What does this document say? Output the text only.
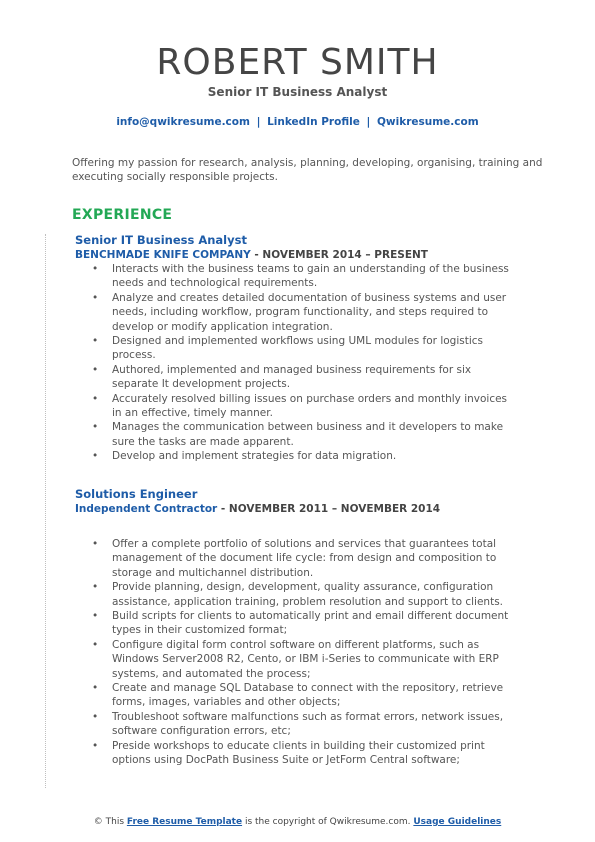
ROBERT SMITH
Senior IT Business Analyst
info@qwikresume.com | LinkedIn Profile | Qwikresume.com
Offering my passion for research, analysis, planning, developing, organising, training and executing socially responsible projects.
EXPERIENCE
Senior IT Business Analyst
BENCHMADE KNIFE COMPANY - NOVEMBER 2014 – PRESENT
• Interacts with the business teams to gain an understanding of the business needs and technological requirements.
• Analyze and creates detailed documentation of business systems and user needs, including workflow, program functionality, and steps required to develop or modify application integration.
• Designed and implemented workflows using UML modules for logistics process.
• Authored, implemented and managed business requirements for six separate It development projects.
• Accurately resolved billing issues on purchase orders and monthly invoices in an effective, timely manner.
• Manages the communication between business and it developers to make sure the tasks are made apparent.
• Develop and implement strategies for data migration.
Solutions Engineer
Independent Contractor - NOVEMBER 2011 – NOVEMBER 2014
• Offer a complete portfolio of solutions and services that guarantees total management of the document life cycle: from design and composition to storage and multichannel distribution.
• Provide planning, design, development, quality assurance, configuration assistance, application training, problem resolution and support to clients.
• Build scripts for clients to automatically print and email different document types in their customized format;
• Configure digital form control software on different platforms, such as Windows Server2008 R2, Cento, or IBM i-Series to communicate with ERP systems, and automated the process;
• Create and manage SQL Database to connect with the repository, retrieve forms, images, variables and other objects;
• Troubleshoot software malfunctions such as format errors, network issues, software configuration errors, etc;
• Preside workshops to educate clients in building their customized print options using DocPath Business Suite or JetForm Central software;
© This Free Resume Template is the copyright of Qwikresume.com. Usage Guidelines
